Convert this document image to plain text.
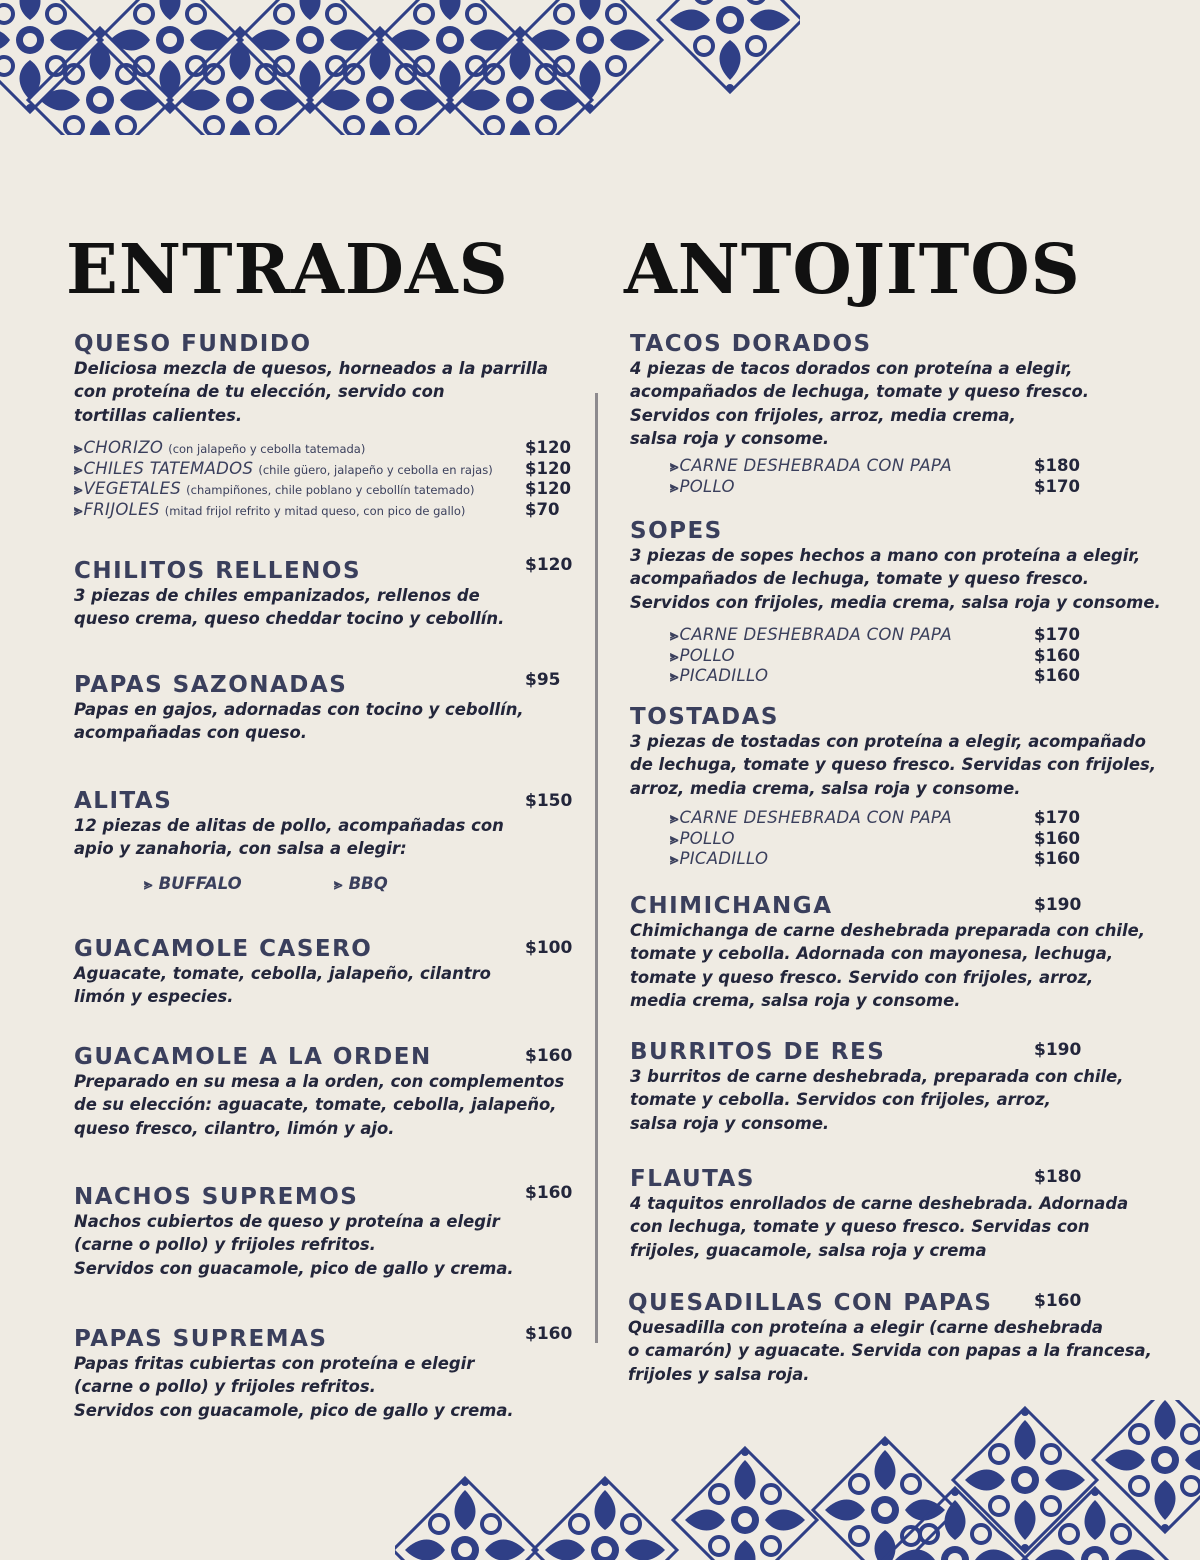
ENTRADAS ANTOJITOS
QUESO FUNDIDO
Deliciosa mezcla de quesos, horneados a la parrilla
con proteína de tu elección, servido con
tortillas calientes.
⪢CHORIZO (con jalapeño y cebolla tatemada)	$120
⪢CHILES TATEMADOS (chile güero, jalapeño y cebolla en rajas) $120
⪢VEGETALES (champiñones, chile poblano y cebollín tatemado)	$120
⪢FRIJOLES (mitad frijol refrito y mitad queso, con pico de gallo)	$70
CHILITOS RELLENOS
3 piezas de chiles empanizados, rellenos de
queso crema, queso cheddar tocino y cebollín.
$120
PAPAS SAZONADAS
Papas en gajos, adornadas con tocino y cebollín,
acompañadas con queso.
$95
ALITAS
12 piezas de alitas de pollo, acompañadas con
apio y zanahoria, con salsa a elegir:
$150
⪢ BUFFALO	⪢ BBQ
GUACAMOLE CASERO
Aguacate, tomate, cebolla, jalapeño, cilantro
limón y especies.
$100
GUACAMOLE A LA ORDEN
Preparado en su mesa a la orden, con complementos
de su elección: aguacate, tomate, cebolla, jalapeño,
queso fresco, cilantro, limón y ajo.
$160
NACHOS SUPREMOS
Nachos cubiertos de queso y proteína a elegir
(carne o pollo) y frijoles refritos.
Servidos con guacamole, pico de gallo y crema.
$160
PAPAS SUPREMAS
Papas fritas cubiertas con proteína e elegir
(carne o pollo) y frijoles refritos.
Servidos con guacamole, pico de gallo y crema.
$160
TACOS DORADOS
4 piezas de tacos dorados con proteína a elegir,
acompañados de lechuga, tomate y queso fresco.
Servidos con frijoles, arroz, media crema,
salsa roja y consome.
⪢CARNE DESHEBRADA CON PAPA	$180
⪢POLLO	$170
SOPES
3 piezas de sopes hechos a mano con proteína a elegir,
acompañados de lechuga, tomate y queso fresco.
Servidos con frijoles, media crema, salsa roja y consome.
⪢CARNE DESHEBRADA CON PAPA	$170
⪢POLLO	$160
⪢PICADILLO	$160
TOSTADAS
3 piezas de tostadas con proteína a elegir, acompañado
de lechuga, tomate y queso fresco. Servidas con frijoles,
arroz, media crema, salsa roja y consome.
⪢CARNE DESHEBRADA CON PAPA	$170
⪢POLLO	$160
⪢PICADILLO	$160
CHIMICHANGA
Chimichanga de carne deshebrada preparada con chile,
tomate y cebolla. Adornada con mayonesa, lechuga,
tomate y queso fresco. Servido con frijoles, arroz,
media crema, salsa roja y consome.
$190
BURRITOS DE RES
3 burritos de carne deshebrada, preparada con chile,
tomate y cebolla. Servidos con frijoles, arroz,
salsa roja y consome.
$190
FLAUTAS
4 taquitos enrollados de carne deshebrada. Adornada
con lechuga, tomate y queso fresco. Servidas con
frijoles, guacamole, salsa roja y crema
$180
QUESADILLAS CON PAPAS
Quesadilla con proteína a elegir (carne deshebrada
o camarón) y aguacate. Servida con papas a la francesa,
frijoles y salsa roja.
$160
